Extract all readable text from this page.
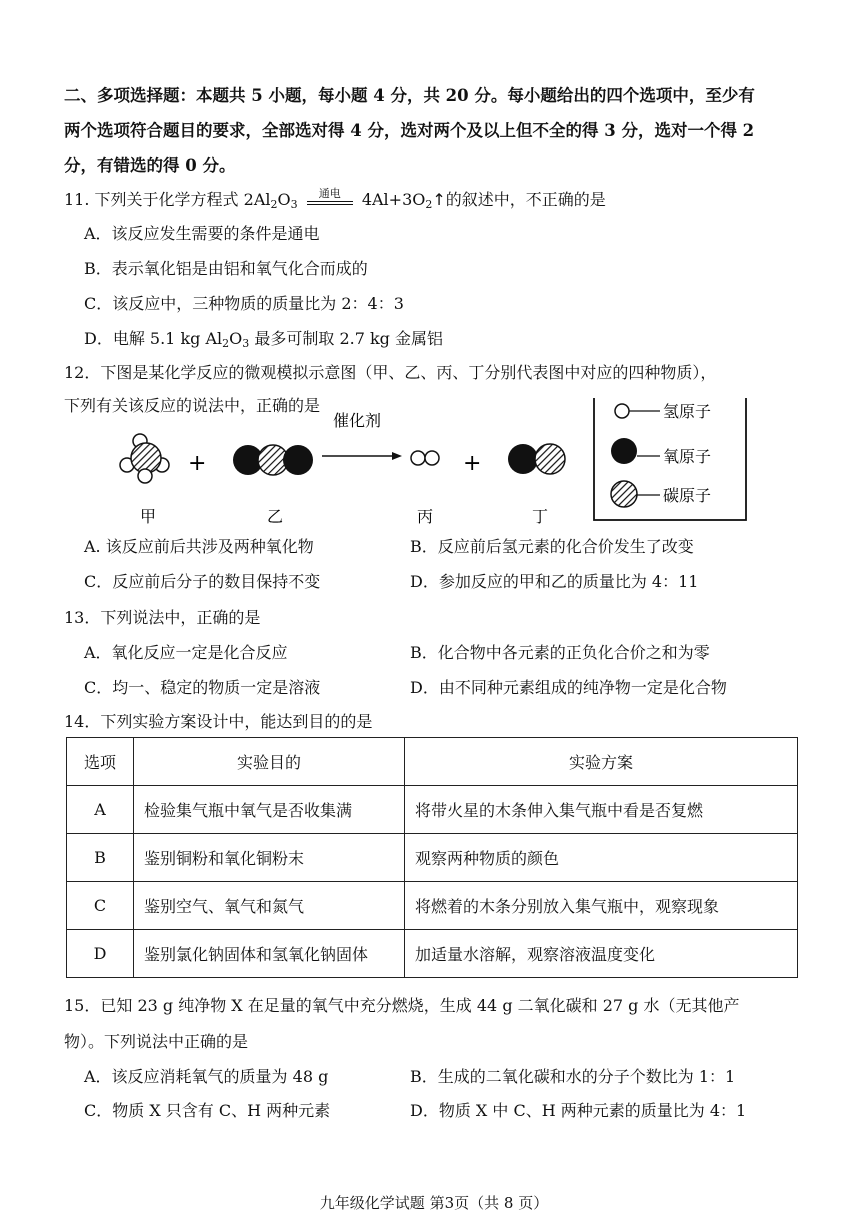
二、多项选择题：本题共 5 小题，每小题 4 分，共 20 分。每小题给出的四个选项中，至少有
两个选项符合题目的要求，全部选对得 4 分，选对两个及以上但不全的得 3 分，选对一个得 2
分，有错选的得 0 分。
11. 下列关于化学方程式 $2Al_2O_3$
通电	$4Al+3O_2↑$的叙述中，不正确的是
A．该反应发生需要的条件是通电
B．表示氧化铝是由铝和氧气化合而成的
C．该反应中，三种物质的质量比为 2：4：3
D．电解 5.1 kg $Al_2O_3$ 最多可制取 2.7 kg 金属铝
12．下图是某化学反应的微观模拟示意图（甲、乙、丙、丁分别代表图中对应的四种物质），
下列有关该反应的说法中，正确的是
+
催化剂
+
甲	乙	丙	丁
氢原子
氧原子
碳原子
A. 该反应前后共涉及两种氧化物	B．反应前后氢元素的化合价发生了改变
C．反应前后分子的数目保持不变	D．参加反应的甲和乙的质量比为 4：11
13．下列说法中，正确的是
A．氧化反应一定是化合反应	B．化合物中各元素的正负化合价之和为零
C．均一、稳定的物质一定是溶液	D．由不同种元素组成的纯净物一定是化合物
14．下列实验方案设计中，能达到目的的是
选项	实验目的	实验方案
A	检验集气瓶中氧气是否收集满	将带火星的木条伸入集气瓶中看是否复燃
B	鉴别铜粉和氧化铜粉末	观察两种物质的颜色
C	鉴别空气、氧气和氮气	将燃着的木条分别放入集气瓶中，观察现象
D	鉴别氯化钠固体和氢氧化钠固体	加适量水溶解，观察溶液温度变化
15．已知 23 g 纯净物 X 在足量的氧气中充分燃烧，生成 44 g 二氧化碳和 27 g 水（无其他产
物）。下列说法中正确的是
A．该反应消耗氧气的质量为 48 g	B．生成的二氧化碳和水的分子个数比为 1：1
C．物质 X 只含有 C、H 两种元素	D．物质 X 中 C、H 两种元素的质量比为 4：1
九年级化学试题 第3页（共 8 页）
